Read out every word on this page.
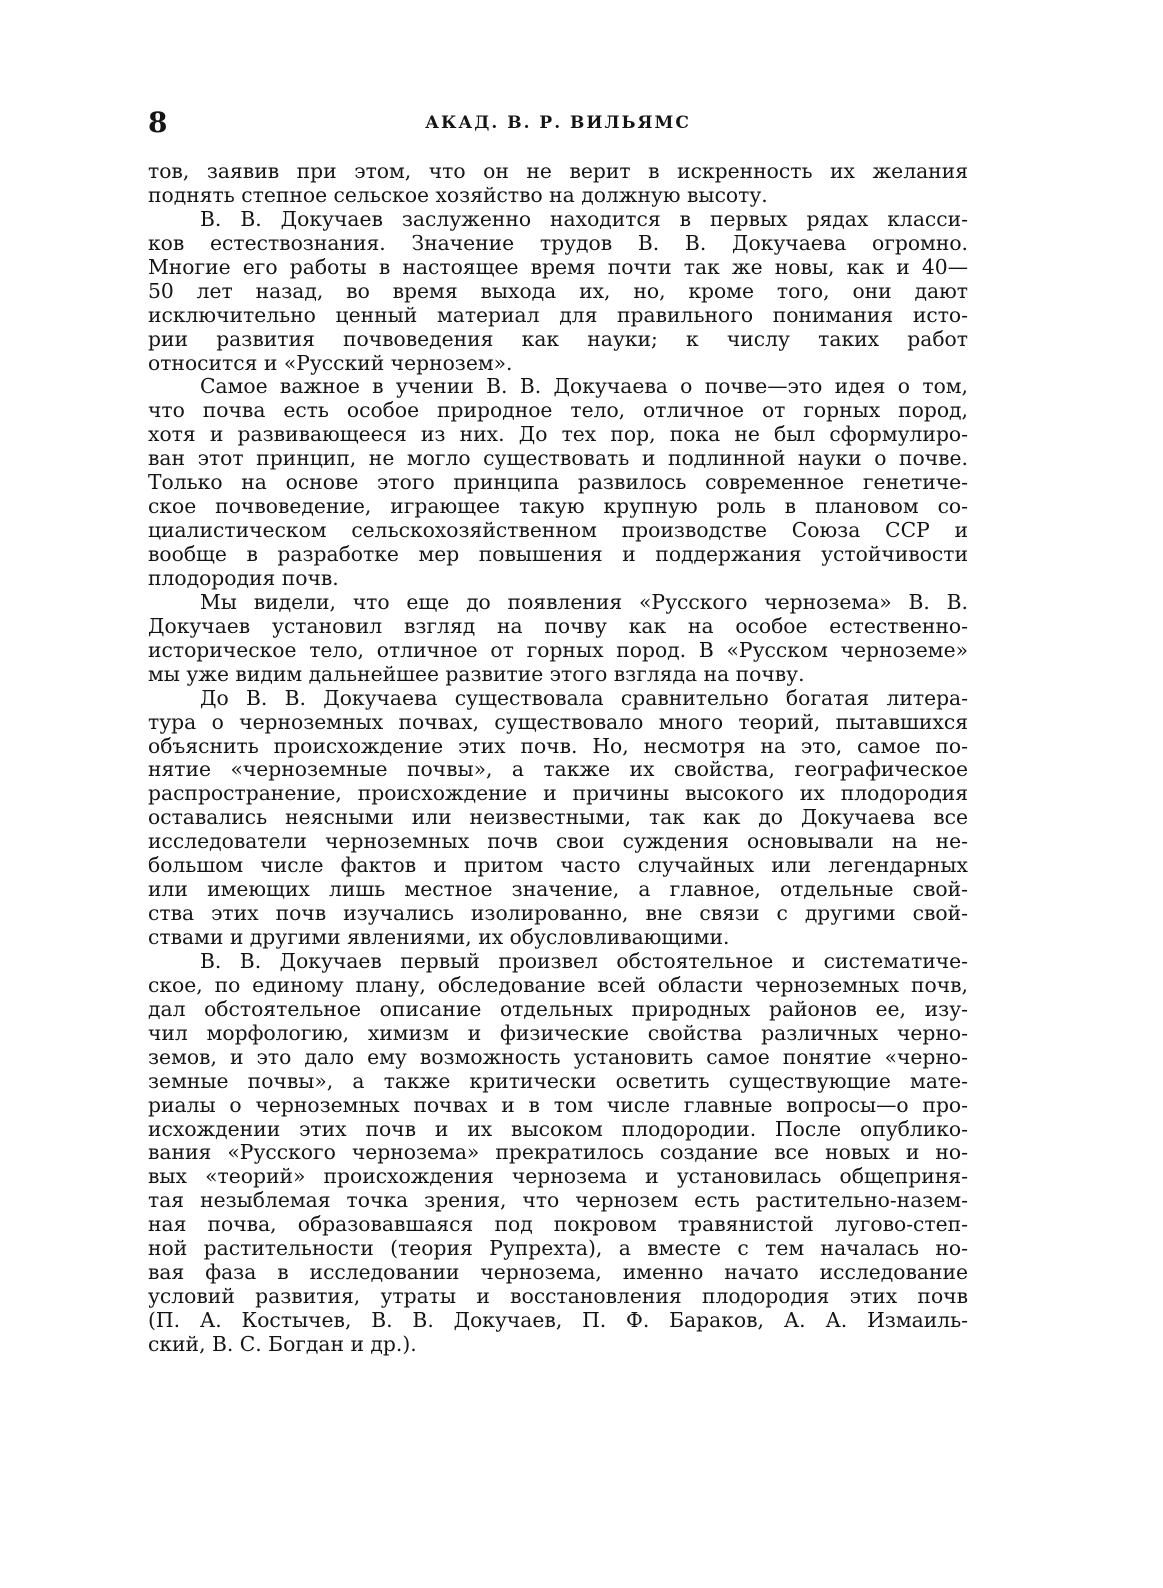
8	АКАД. В. Р. ВИЛЬЯМС
тов, заявив при этом, что он не верит в искренность их желания
поднять степное сельское хозяйство на должную высоту.
В. В. Докучаев заслуженно находится в первых рядах класси-
ков естествознания. Значение трудов В. В. Докучаева огромно.
Многие его работы в настоящее время почти так же новы, как и 40—
50 лет назад, во время выхода их, но, кроме того, они дают
исключительно ценный материал для правильного понимания исто-
рии развития почвоведения как науки; к числу таких работ
относится и «Русский чернозем».
Самое важное в учении В. В. Докучаева о почве—это идея о том,
что почва есть особое природное тело, отличное от горных пород,
хотя и развивающееся из них. До тех пор, пока не был сформулиро-
ван этот принцип, не могло существовать и подлинной науки о почве.
Только на основе этого принципа развилось современное генетиче-
ское почвоведение, играющее такую крупную роль в плановом со-
циалистическом сельскохозяйственном производстве Союза ССР и
вообще в разработке мер повышения и поддержания устойчивости
плодородия почв.
Мы видели, что еще до появления «Русского чернозема» В. В.
Докучаев установил взгляд на почву как на особое естественно-
историческое тело, отличное от горных пород. В «Русском черноземе»
мы уже видим дальнейшее развитие этого взгляда на почву.
До В. В. Докучаева существовала сравнительно богатая литера-
тура о черноземных почвах, существовало много теорий, пытавшихся
объяснить происхождение этих почв. Но, несмотря на это, самое по-
нятие «черноземные почвы», а также их свойства, географическое
распространение, происхождение и причины высокого их плодородия
оставались неясными или неизвестными, так как до Докучаева все
исследователи черноземных почв свои суждения основывали на не-
большом числе фактов и притом часто случайных или легендарных
или имеющих лишь местное значение, а главное, отдельные свой-
ства этих почв изучались изолированно, вне связи с другими свой-
ствами и другими явлениями, их обусловливающими.
В. В. Докучаев первый произвел обстоятельное и систематиче-
ское, по единому плану, обследование всей области черноземных почв,
дал обстоятельное описание отдельных природных районов ее, изу-
чил морфологию, химизм и физические свойства различных черно-
земов, и это дало ему возможность установить самое понятие «черно-
земные почвы», а также критически осветить существующие мате-
риалы о черноземных почвах и в том числе главные вопросы—о про-
исхождении этих почв и их высоком плодородии. После опублико-
вания «Русского чернозема» прекратилось создание все новых и но-
вых «теорий» происхождения чернозема и установилась общеприня-
тая незыблемая точка зрения, что чернозем есть растительно-назем-
ная почва, образовавшаяся под покровом травянистой лугово-степ-
ной растительности (теория Рупрехта), а вместе с тем началась но-
вая фаза в исследовании чернозема, именно начато исследование
условий развития, утраты и восстановления плодородия этих почв
(П. А. Костычев, В. В. Докучаев, П. Ф. Бараков, А. А. Измаиль-
ский, В. С. Богдан и др.).
